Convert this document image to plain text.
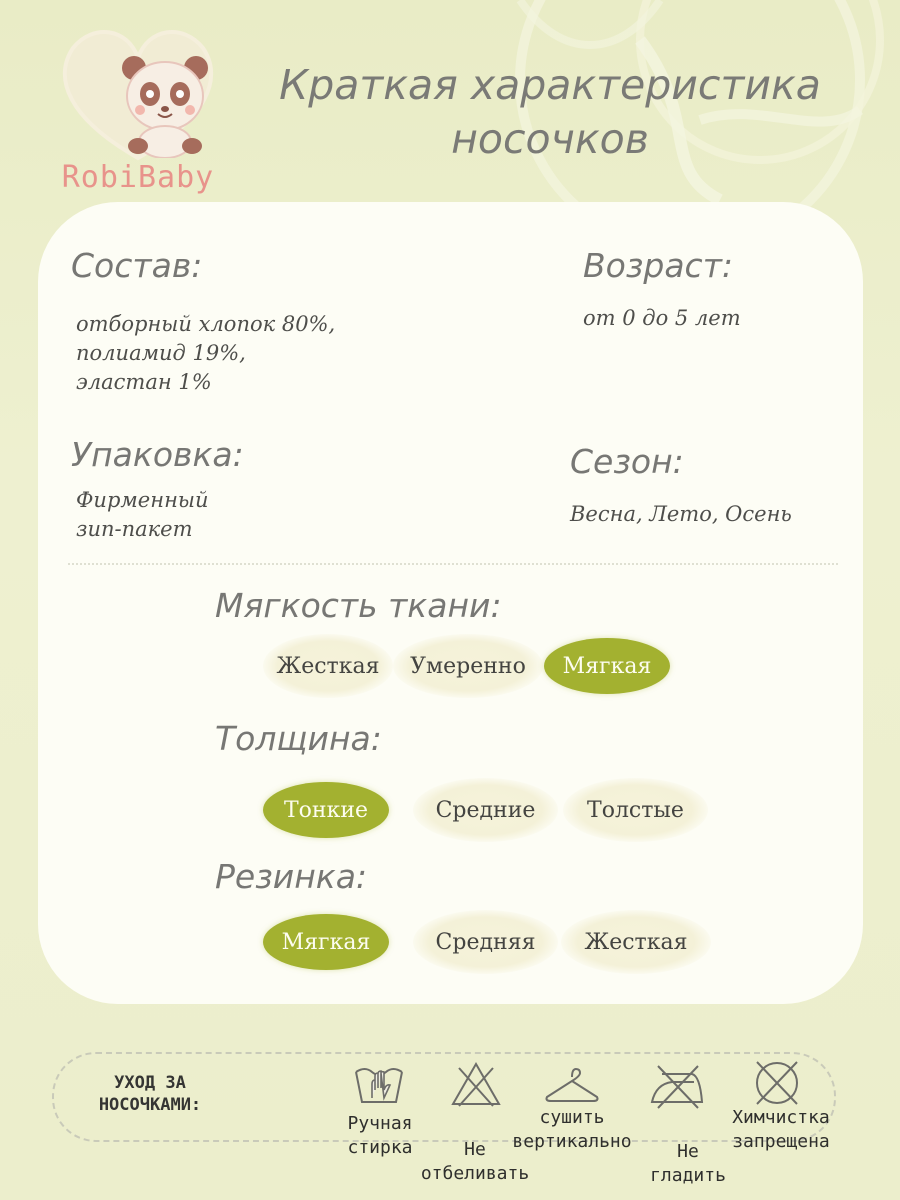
RobiBaby
Краткая характеристика
носочков
Состав:
отборный хлопок 80%,
полиамид 19%,
эластан 1%
Возраст:
от 0 до 5 лет
Упаковка:
Фирменный
зип-пакет
Сезон:
Весна, Лето, Осень
Мягкость ткани:
Жесткая	Умеренно	Мягкая
Толщина:
Тонкие	Средние	Толстые
Резинка:
Мягкая	Средняя	Жесткая
УХОД ЗА
НОСОЧКАМИ:
Ручная
стирка	Не
отбеливать
сушить
вертикально	Не
гладить
Химчистка
запрещена
